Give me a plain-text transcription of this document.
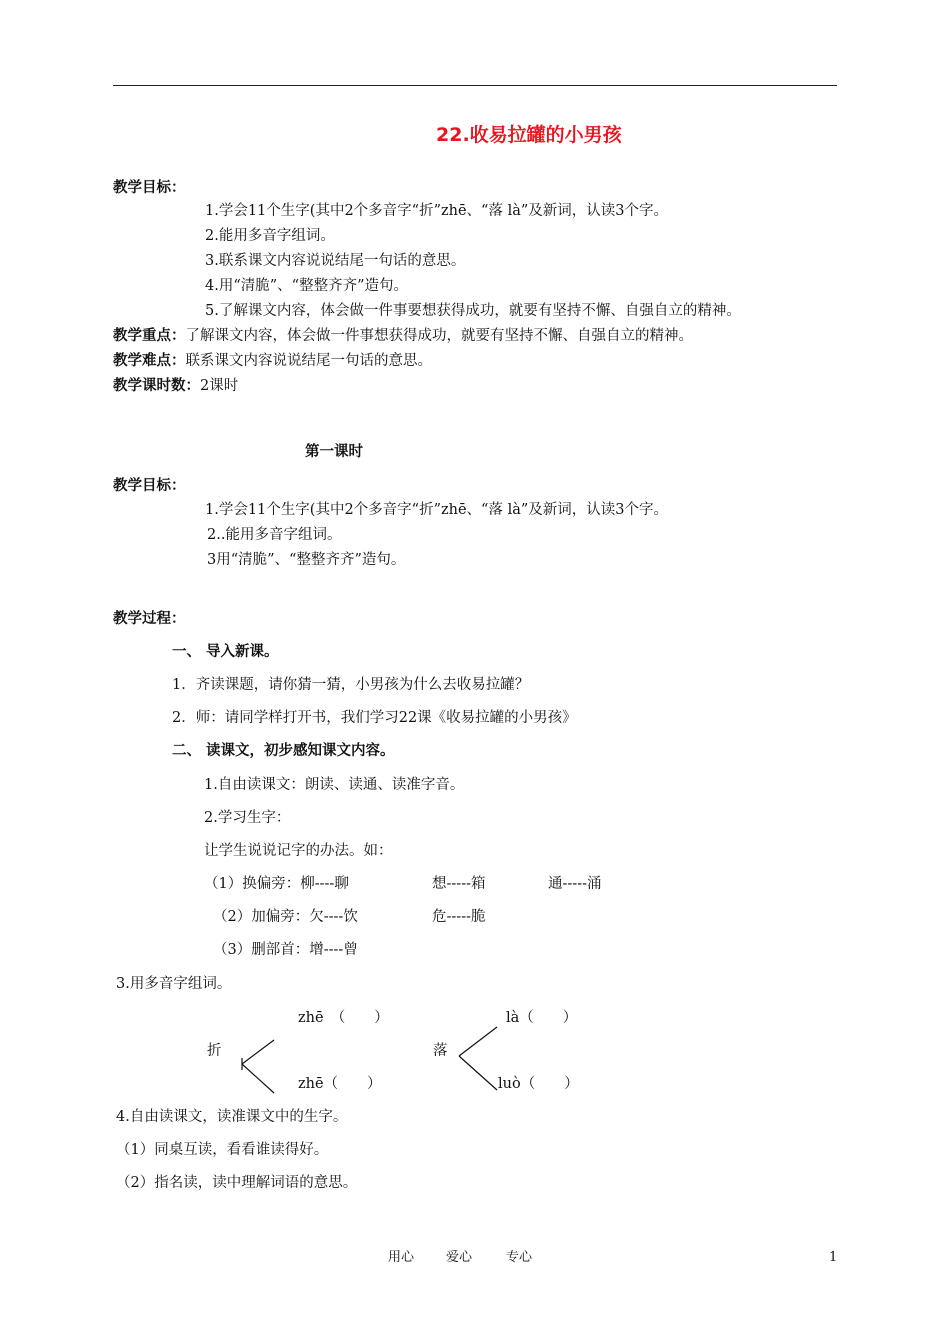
22.收易拉罐的小男孩
教学目标：
1.学会11个生字(其中2个多音字“折”zhē、“落 là”及新词，认读3个字。
2.能用多音字组词。
3.联系课文内容说说结尾一句话的意思。
4.用“清脆”、“整整齐齐”造句。
5.了解课文内容，体会做一件事要想获得成功，就要有坚持不懈、自强自立的精神。
教学重点：了解课文内容，体会做一件事想获得成功，就要有坚持不懈、自强自立的精神。
教学难点：联系课文内容说说结尾一句话的意思。
教学课时数：2课时
第一课时
教学目标：
1.学会11个生字(其中2个多音字“折”zhē、“落 là”及新词，认读3个字。
2..能用多音字组词。
3用“清脆”、“整整齐齐”造句。
教学过程：
一、 导入新课。
1．齐读课题，请你猜一猜，小男孩为什么去收易拉罐？
2．师：请同学样打开书，我们学习22课《收易拉罐的小男孩》
二、 读课文，初步感知课文内容。
1.自由读课文：朗读、读通、读准字音。
2.学习生字：
让学生说说记字的办法。如：
（1）换偏旁：柳----聊	想-----箱	通-----涌
（2）加偏旁：欠----饮	危-----脆
（3）删部首：增----曾
3.用多音字组词。
zhē　（　　）
折
zhē（　　）
là（　　）
落
luò（　　）
4.自由读课文，读准课文中的生字。
（1）同桌互读，看看谁读得好。
（2）指名读，读中理解词语的意思。
用心 爱心	专心	1
